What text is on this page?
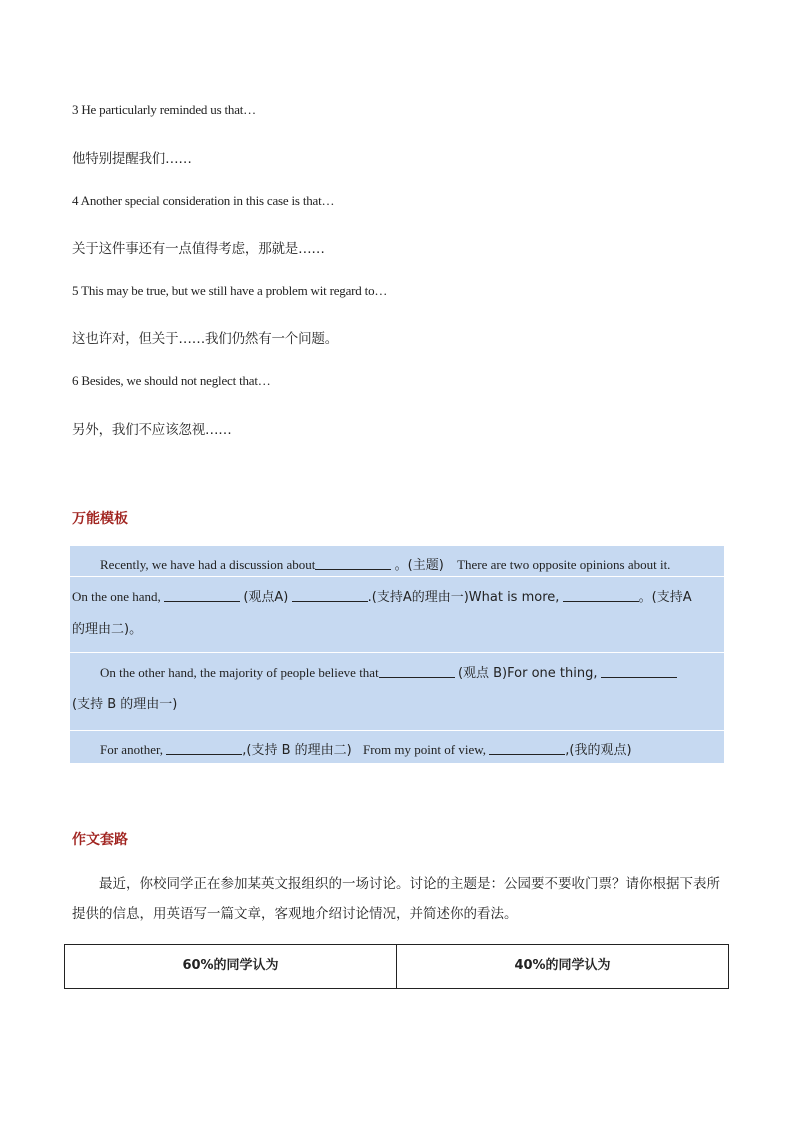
3 He particularly reminded us that…
他特别提醒我们……
4 Another special consideration in this case is that…
关于这件事还有一点值得考虑，那就是……
5 This may be true, but we still have a problem wit regard to…
这也许对，但关于……我们仍然有一个问题。
6 Besides, we should not neglect that…
另外，我们不应该忽视……
万能模板
Recently, we have had a discussion about	。(主题) There are two opposite opinions about it.
On the one hand,	(观点A)	.(支持A的理由一)What is more,	。(支持A
的理由二)。
On the other hand, the majority of people believe that	(观点 B)For one thing,
(支持 B 的理由一)
For another,	,(支持 B 的理由二) From my point of view,	,(我的观点)
作文套路
最近，你校同学正在参加某英文报组织的一场讨论。讨论的主题是：公园要不要收门票？请你根据下表所提供的信息，用英语写一篇文章，客观地介绍讨论情况，并简述你的看法。
60%的同学认为	40%的同学认为
